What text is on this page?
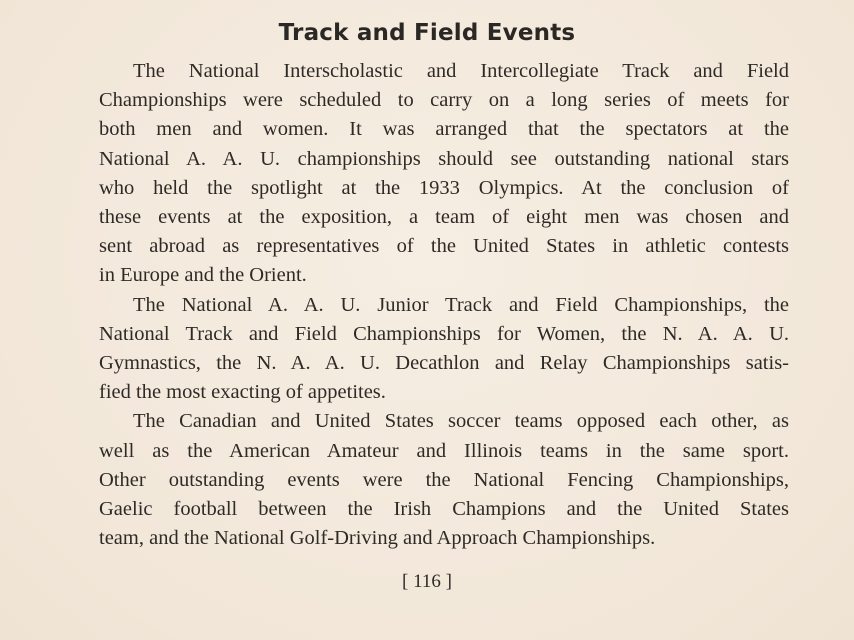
Track and Field Events

The National Interscholastic and Intercollegiate Track and Field
Championships were scheduled to carry on a long series of meets for
both men and women. It was arranged that the spectators at the
National A. A. U. championships should see outstanding national stars
who held the spotlight at the 1933 Olympics. At the conclusion of
these events at the exposition, a team of eight men was chosen and
sent abroad as representatives of the United States in athletic contests
in Europe and the Orient.

The National A. A. U. Junior Track and Field Championships, the
National Track and Field Championships for Women, the N. A. A. U.
Gymnastics, the N. A. A. U. Decathlon and Relay Championships satis-
fied the most exacting of appetites.

The Canadian and United States soccer teams opposed each other, as
well as the American Amateur and Illinois teams in the same sport.
Other outstanding events were the National Fencing Championships,
Gaelic football between the Irish Champions and the United States
team, and the National Golf-Driving and Approach Championships.

[ 116 ]
